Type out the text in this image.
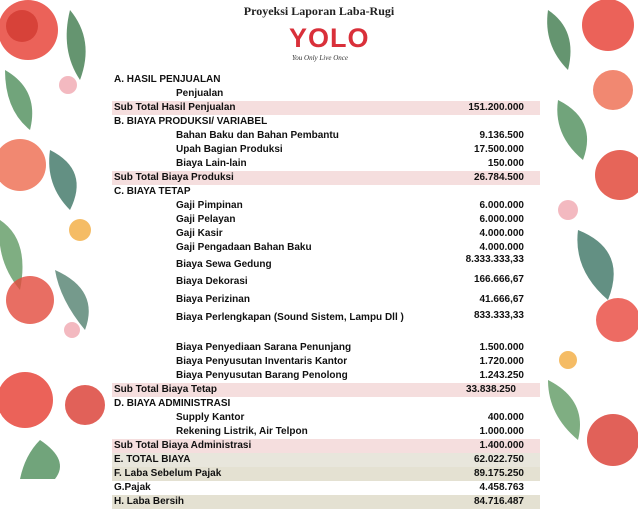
Proyeksi Laporan Laba-Rugi
YOLO
You Only Live Once
A. HASIL PENJUALAN
Penjualan
Sub Total Hasil Penjualan	151.200.000
B. BIAYA PRODUKSI/ VARIABEL
Bahan Baku dan Bahan Pembantu	9.136.500
Upah Bagian Produksi	17.500.000
Biaya Lain-lain	150.000
Sub Total Biaya Produksi	26.784.500
C. BIAYA TETAP
Gaji Pimpinan	6.000.000
Gaji Pelayan	6.000.000
Gaji Kasir	4.000.000
Gaji Pengadaan Bahan Baku	4.000.000
Biaya Sewa Gedung	8.333.333,33
Biaya Dekorasi	166.666,67
Biaya Perizinan	41.666,67
Biaya Perlengkapan (Sound Sistem, Lampu Dll )	833.333,33
Biaya Penyediaan Sarana Penunjang	1.500.000
Biaya Penyusutan Inventaris Kantor	1.720.000
Biaya Penyusutan Barang Penolong	1.243.250
Sub Total Biaya Tetap	33.838.250
D. BIAYA ADMINISTRASI
Supply Kantor	400.000
Rekening Listrik, Air Telpon	1.000.000
Sub Total Biaya Administrasi	1.400.000
E. TOTAL BIAYA	62.022.750
F. Laba Sebelum Pajak	89.175.250
G.Pajak	4.458.763
H. Laba Bersih	84.716.487
